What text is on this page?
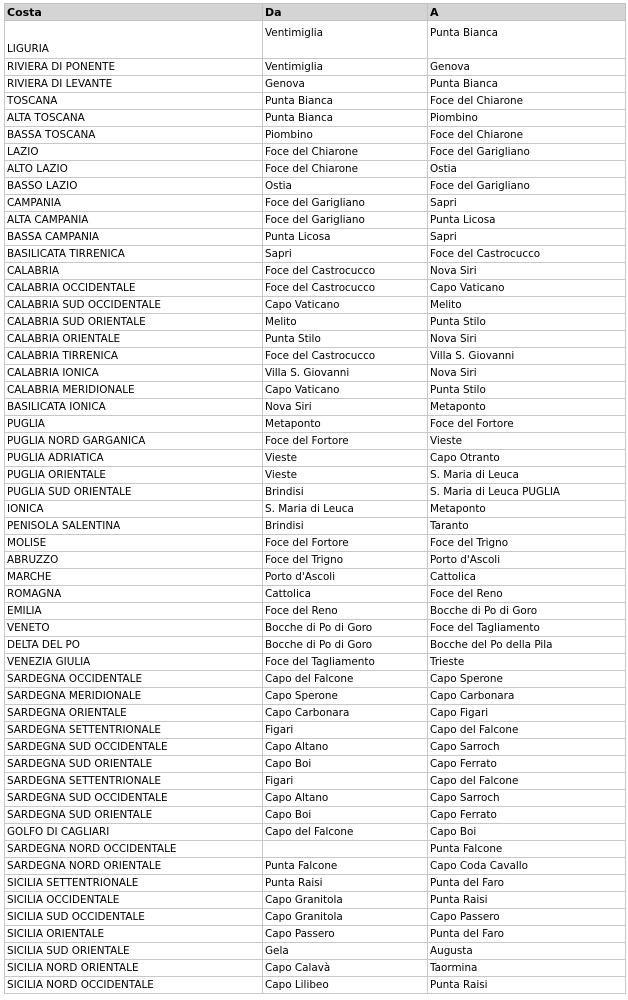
Costa	Da	A
LIGURIA	Ventimiglia	Punta Bianca
RIVIERA DI PONENTE	Ventimiglia	Genova
RIVIERA DI LEVANTE	Genova	Punta Bianca
TOSCANA	Punta Bianca	Foce del Chiarone
ALTA TOSCANA	Punta Bianca	Piombino
BASSA TOSCANA	Piombino	Foce del Chiarone
LAZIO	Foce del Chiarone	Foce del Garigliano
ALTO LAZIO	Foce del Chiarone	Ostia
BASSO LAZIO	Ostia	Foce del Garigliano
CAMPANIA	Foce del Garigliano	Sapri
ALTA CAMPANIA	Foce del Garigliano	Punta Licosa
BASSA CAMPANIA	Punta Licosa	Sapri
BASILICATA TIRRENICA	Sapri	Foce del Castrocucco
CALABRIA	Foce del Castrocucco	Nova Siri
CALABRIA OCCIDENTALE	Foce del Castrocucco	Capo Vaticano
CALABRIA SUD OCCIDENTALE	Capo Vaticano	Melito
CALABRIA SUD ORIENTALE	Melito	Punta Stilo
CALABRIA ORIENTALE	Punta Stilo	Nova Siri
CALABRIA TIRRENICA	Foce del Castrocucco	Villa S. Giovanni
CALABRIA IONICA	Villa S. Giovanni	Nova Siri
CALABRIA MERIDIONALE	Capo Vaticano	Punta Stilo
BASILICATA IONICA	Nova Siri	Metaponto
PUGLIA	Metaponto	Foce del Fortore
PUGLIA NORD GARGANICA	Foce del Fortore	Vieste
PUGLIA ADRIATICA	Vieste	Capo Otranto
PUGLIA ORIENTALE	Vieste	S. Maria di Leuca
PUGLIA SUD ORIENTALE	Brindisi	S. Maria di Leuca PUGLIA
IONICA	S. Maria di Leuca	Metaponto
PENISOLA SALENTINA	Brindisi	Taranto
MOLISE	Foce del Fortore	Foce del Trigno
ABRUZZO	Foce del Trigno	Porto d'Ascoli
MARCHE	Porto d'Ascoli	Cattolica
ROMAGNA	Cattolica	Foce del Reno
EMILIA	Foce del Reno	Bocche di Po di Goro
VENETO	Bocche di Po di Goro	Foce del Tagliamento
DELTA DEL PO	Bocche di Po di Goro	Bocche del Po della Pila
VENEZIA GIULIA	Foce del Tagliamento	Trieste
SARDEGNA OCCIDENTALE	Capo del Falcone	Capo Sperone
SARDEGNA MERIDIONALE	Capo Sperone	Capo Carbonara
SARDEGNA ORIENTALE	Capo Carbonara	Capo Figari
SARDEGNA SETTENTRIONALE	Figari	Capo del Falcone
SARDEGNA SUD OCCIDENTALE	Capo Altano	Capo Sarroch
SARDEGNA SUD ORIENTALE	Capo Boi	Capo Ferrato
SARDEGNA SETTENTRIONALE	Figari	Capo del Falcone
SARDEGNA SUD OCCIDENTALE	Capo Altano	Capo Sarroch
SARDEGNA SUD ORIENTALE	Capo Boi	Capo Ferrato
GOLFO DI CAGLIARI	Capo del Falcone	Capo Boi
SARDEGNA NORD OCCIDENTALE		Punta Falcone
SARDEGNA NORD ORIENTALE	Punta Falcone	Capo Coda Cavallo
SICILIA SETTENTRIONALE	Punta Raisi	Punta del Faro
SICILIA OCCIDENTALE	Capo Granitola	Punta Raisi
SICILIA SUD OCCIDENTALE	Capo Granitola	Capo Passero
SICILIA ORIENTALE	Capo Passero	Punta del Faro
SICILIA SUD ORIENTALE	Gela	Augusta
SICILIA NORD ORIENTALE	Capo Calavà	Taormina
SICILIA NORD OCCIDENTALE	Capo Lilibeo	Punta Raisi
